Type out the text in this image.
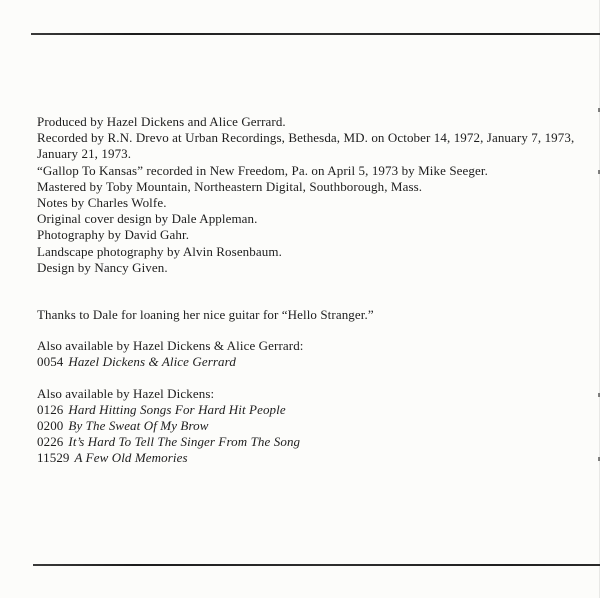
Produced by Hazel Dickens and Alice Gerrard.
Recorded by R.N. Drevo at Urban Recordings, Bethesda, MD. on October 14, 1972, January 7, 1973,
January 21, 1973.
“Gallop To Kansas” recorded in New Freedom, Pa. on April 5, 1973 by Mike Seeger.
Mastered by Toby Mountain, Northeastern Digital, Southborough, Mass.
Notes by Charles Wolfe.
Original cover design by Dale Appleman.
Photography by David Gahr.
Landscape photography by Alvin Rosenbaum.
Design by Nancy Given.
Thanks to Dale for loaning her nice guitar for “Hello Stranger.”
Also available by Hazel Dickens & Alice Gerrard:
0054 Hazel Dickens & Alice Gerrard
Also available by Hazel Dickens:
0126 Hard Hitting Songs For Hard Hit People
0200 By The Sweat Of My Brow
0226 It’s Hard To Tell The Singer From The Song
11529 A Few Old Memories
